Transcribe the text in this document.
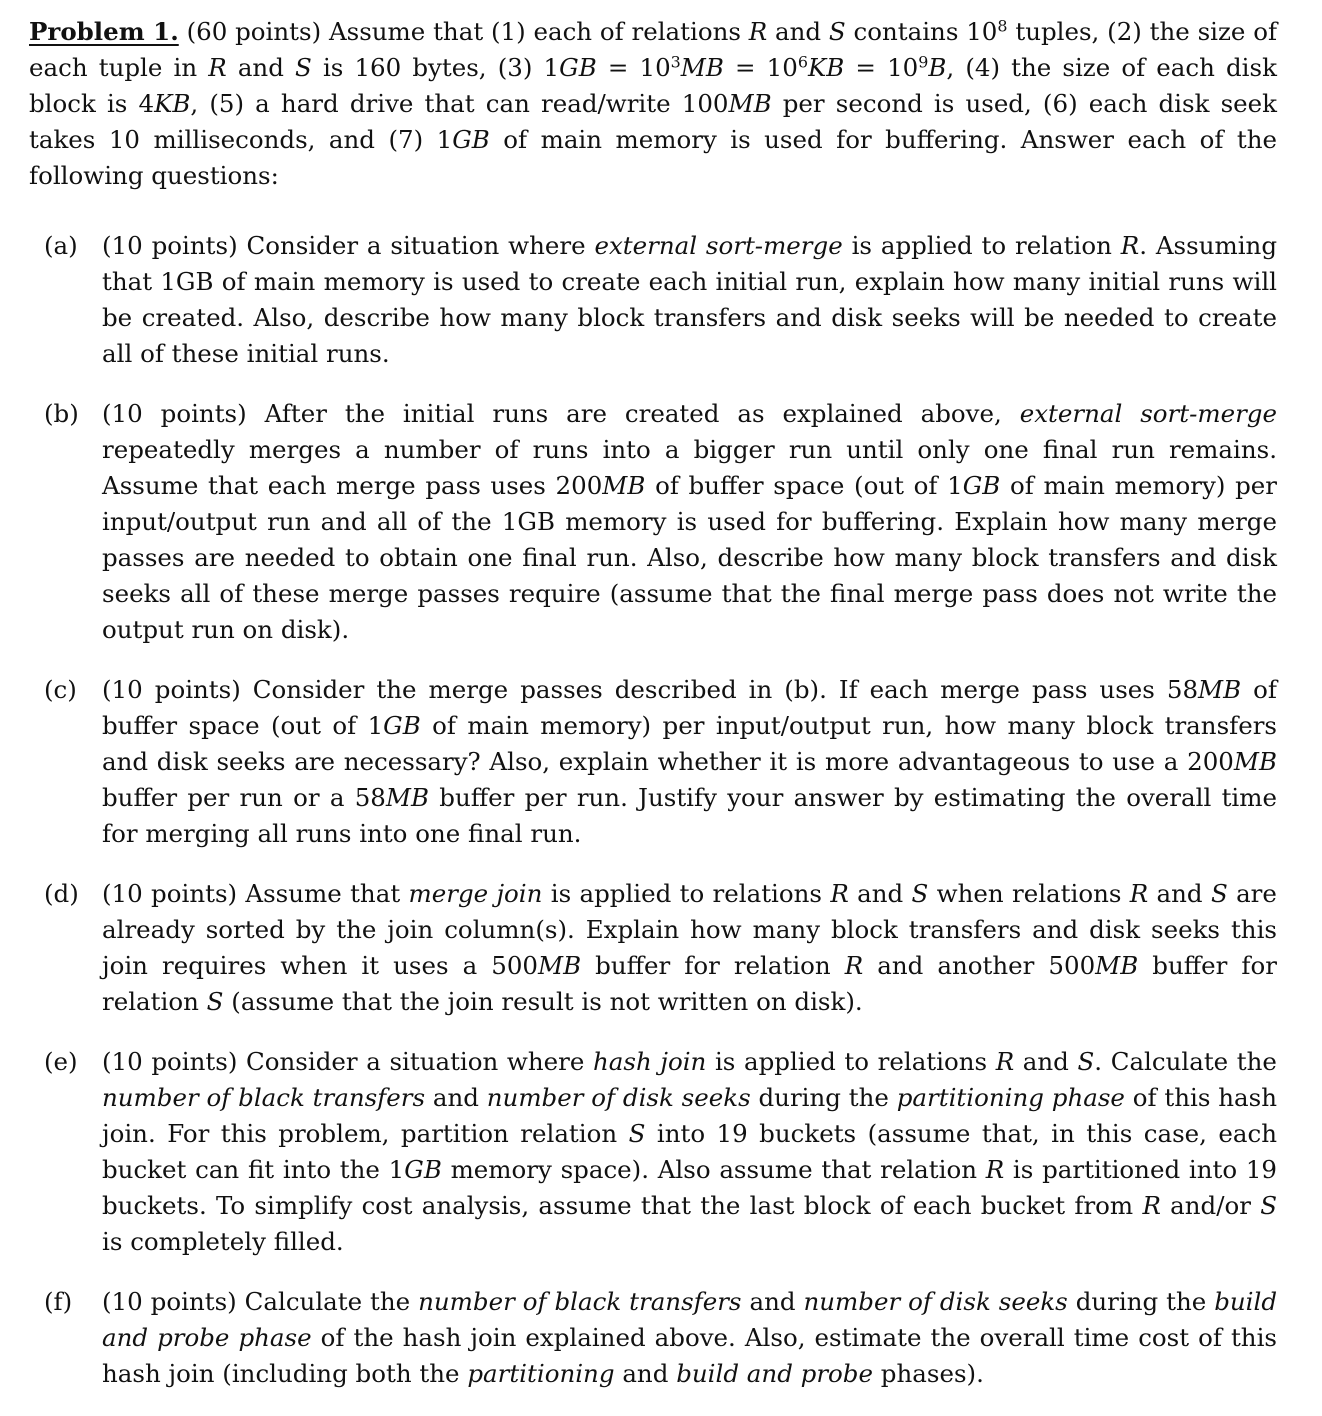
Problem 1. (60 points) Assume that (1) each of relations R and S contains $10^8$ tuples, (2) the size of each tuple in R and S is 160 bytes, (3) $1GB = 10^3MB = 10^6KB = 10^9B$, (4) the size of each disk block is 4KB, (5) a hard drive that can read/write 100MB per second is used, (6) each disk seek takes 10 milliseconds, and (7) 1GB of main memory is used for buffering. Answer each of the following questions:

(a) (10 points) Consider a situation where external sort-merge is applied to relation R. Assuming that 1GB of main memory is used to create each initial run, explain how many initial runs will be created. Also, describe how many block transfers and disk seeks will be needed to create all of these initial runs.
(b) (10 points) After the initial runs are created as explained above, external sort-merge repeatedly merges a number of runs into a bigger run until only one final run remains. Assume that each merge pass uses 200MB of buffer space (out of 1GB of main memory) per input/output run and all of the 1GB memory is used for buffering. Explain how many merge passes are needed to obtain one final run. Also, describe how many block transfers and disk seeks all of these merge passes require (assume that the final merge pass does not write the output run on disk).
(c)	(10 points) Consider the merge passes described in (b). If each merge pass uses 58MB of buffer space (out of 1GB of main memory) per input/output run, how many block transfers and disk seeks are necessary? Also, explain whether it is more advantageous to use a 200MB buffer per run or a 58MB buffer per run. Justify your answer by estimating the overall time for merging all runs into one final run.
(d) (10 points) Assume that merge join is applied to relations R and S when relations R and S are already sorted by the join column(s). Explain how many block transfers and disk seeks this join requires when it uses a 500MB buffer for relation R and another 500MB buffer for relation S (assume that the join result is not written on disk).
(e) (10 points) Consider a situation where hash join is applied to relations R and S. Calculate the number of black transfers and number of disk seeks during the partitioning phase of this hash join. For this problem, partition relation S into 19 buckets (assume that, in this case, each bucket can fit into the 1GB memory space). Also assume that relation R is partitioned into 19 buckets. To simplify cost analysis, assume that the last block of each bucket from R and/or S is completely filled.
(f)	(10 points) Calculate the number of black transfers and number of disk seeks during the build and probe phase of the hash join explained above. Also, estimate the overall time cost of this hash join (including both the partitioning and build and probe phases).
